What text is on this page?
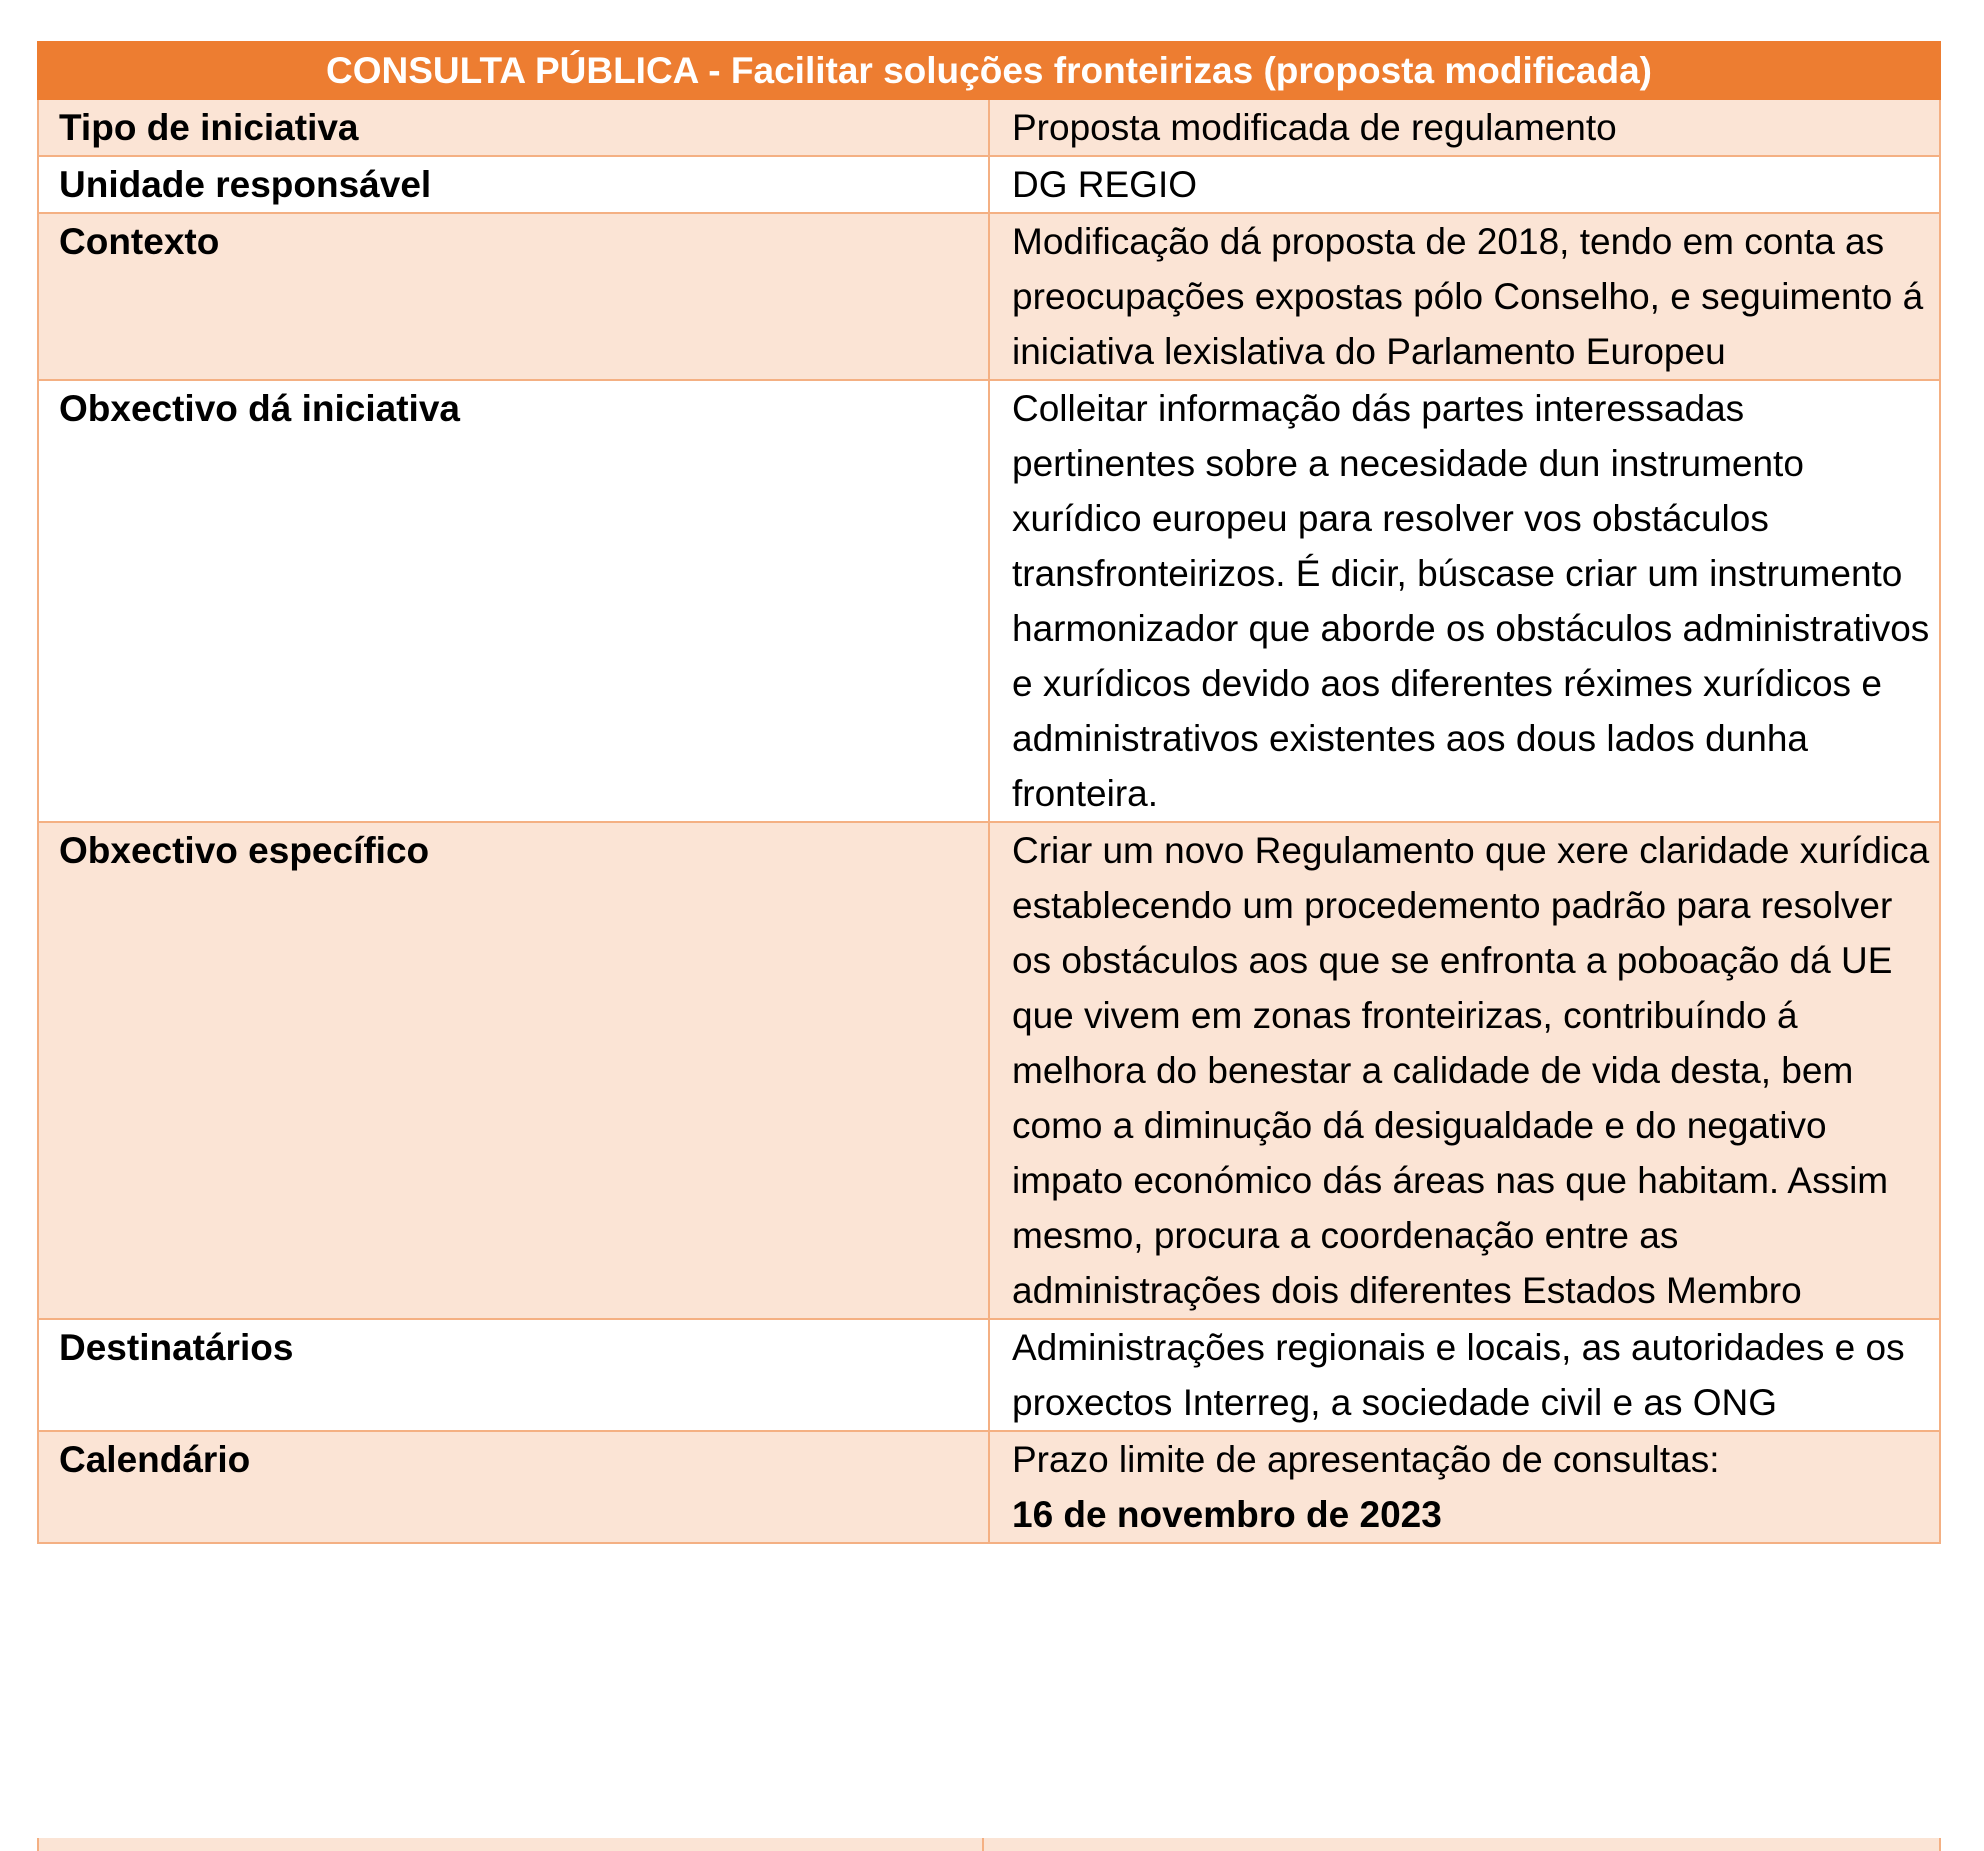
CONSULTA PÚBLICA - Facilitar soluções fronteirizas (proposta modificada)	
Tipo de iniciativa	Proposta modificada de regulamento
Unidade responsável	DG REGIO
Contexto	Modificação dá proposta de 2018, tendo em conta as preocupações expostas pólo Conselho, e seguimento á iniciativa lexislativa do Parlamento Europeu
Obxectivo dá iniciativa	Colleitar informação dás partes interessadas pertinentes sobre a necesidade dun instrumento xurídico europeu para resolver vos obstáculos transfronteirizos. É dicir, búscase criar um instrumento harmonizador que aborde os obstáculos administrativos e xurídicos devido aos diferentes réximes xurídicos e administrativos existentes aos dous lados dunha fronteira.
Obxectivo específico	Criar um novo Regulamento que xere claridade xurídica establecendo um procedemento padrão para resolver os obstáculos aos que se enfronta a poboação dá UE que vivem em zonas fronteirizas, contribuíndo á melhora do benestar a calidade de vida desta, bem como a diminução dá desigualdade e do negativo impato económico dás áreas nas que habitam. Assim mesmo, procura a coordenação entre as administrações dois diferentes Estados Membro
Destinatários	Administrações regionais e locais, as autoridades e os proxectos Interreg, a sociedade civil e as ONG
Calendário	Prazo limite de apresentação de consultas:
16 de novembro de 2023
